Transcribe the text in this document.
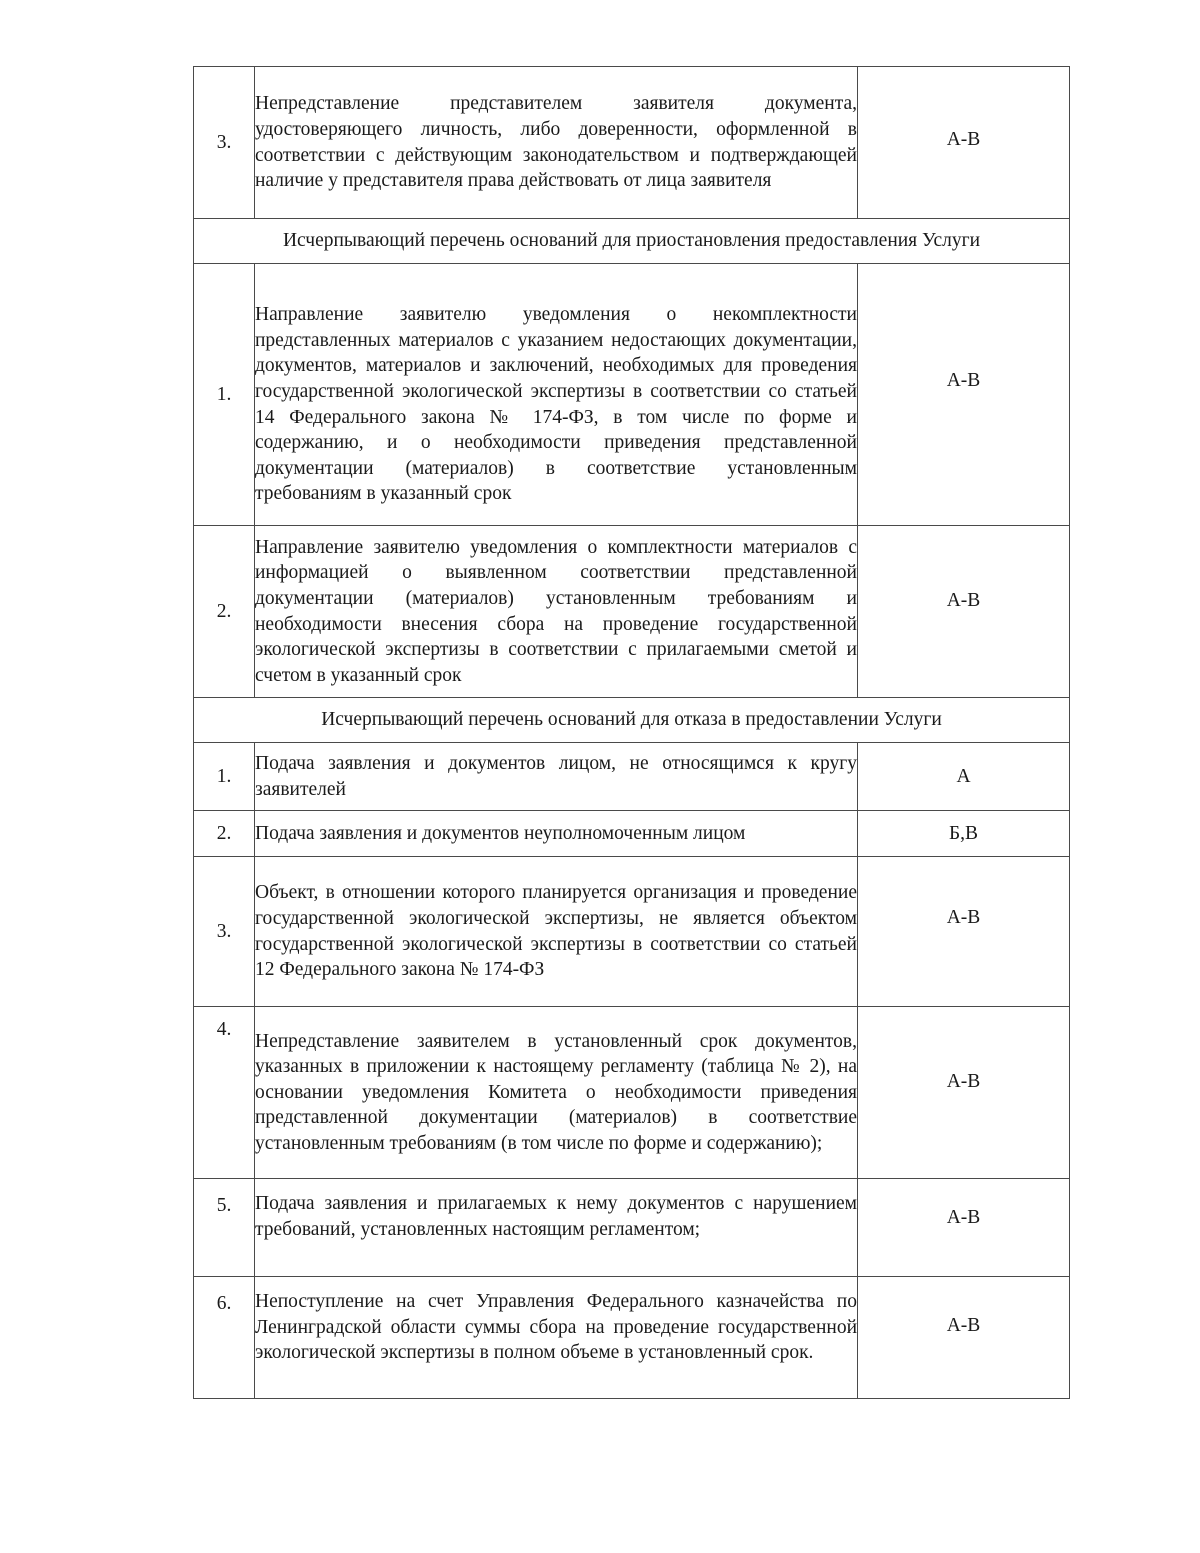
3.	Непредставление представителем заявителя документа, удостоверяющего личность, либо доверенности, оформленной в соответствии с действующим законодательством и подтверждающей наличие у представителя права действовать от лица заявителя	А-В
Исчерпывающий перечень оснований для приостановления предоставления Услуги		
1.	Направление заявителю уведомления о некомплектности представленных материалов с указанием недостающих документации, документов, материалов и заключений, необходимых для проведения государственной экологической экспертизы в соответствии со статьей 14 Федерального закона № 174-ФЗ, в том числе по форме и содержанию, и о необходимости приведения представленной документации (материалов) в соответствие установленным требованиям в указанный срок	А-В
2.	Направление заявителю уведомления о комплектности материалов с информацией о выявленном соответствии представленной документации (материалов) установленным требованиям и необходимости внесения сбора на проведение государственной экологической экспертизы в соответствии с прилагаемыми сметой и счетом в указанный срок	А-В
Исчерпывающий перечень оснований для отказа в предоставлении Услуги		
1.	Подача заявления и документов лицом, не относящимся к кругу заявителей	А
2.	Подача заявления и документов неуполномоченным лицом	Б,В
3.	Объект, в отношении которого планируется организация и проведение государственной экологической экспертизы, не является объектом государственной экологической экспертизы в соответствии со статьей 12 Федерального закона № 174-ФЗ	А-В
4.	Непредставление заявителем в установленный срок документов, указанных в приложении к настоящему регламенту (таблица № 2), на основании уведомления Комитета о необходимости приведения представленной документации (материалов) в соответствие установленным требованиям (в том числе по форме и содержанию);	А-В
5.	Подача заявления и прилагаемых к нему документов с нарушением требований, установленных настоящим регламентом;	А-В
6.	Непоступление на счет Управления Федерального казначейства по Ленинградской области суммы сбора на проведение государственной экологической экспертизы в полном объеме в установленный срок.	А-В
